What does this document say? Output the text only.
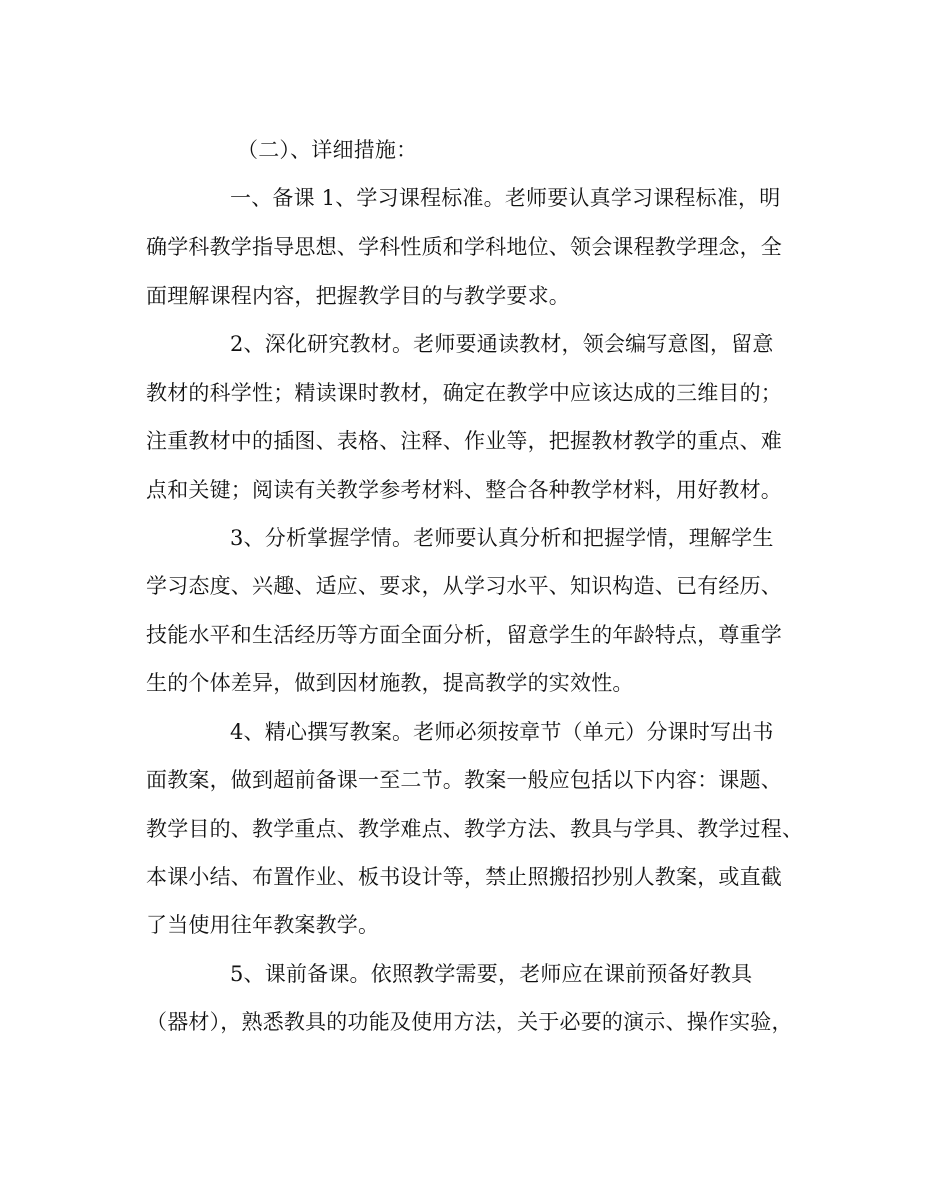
（二）、详细措施：
一、备课 1、学习课程标准。老师要认真学习课程标准，明
确学科教学指导思想、学科性质和学科地位、领会课程教学理念，全
面理解课程内容，把握教学目的与教学要求。
2、深化研究教材。老师要通读教材，领会编写意图，留意
教材的科学性；精读课时教材，确定在教学中应该达成的三维目的；
注重教材中的插图、表格、注释、作业等，把握教材教学的重点、难
点和关键；阅读有关教学参考材料、整合各种教学材料，用好教材。
3、分析掌握学情。老师要认真分析和把握学情，理解学生
学习态度、兴趣、适应、要求，从学习水平、知识构造、已有经历、
技能水平和生活经历等方面全面分析，留意学生的年龄特点，尊重学
生的个体差异，做到因材施教，提高教学的实效性。
4、精心撰写教案。老师必须按章节（单元）分课时写出书
面教案，做到超前备课一至二节。教案一般应包括以下内容：课题、
教学目的、教学重点、教学难点、教学方法、教具与学具、教学过程、
本课小结、布置作业、板书设计等，禁止照搬招抄别人教案，或直截
了当使用往年教案教学。
5、课前备课。依照教学需要，老师应在课前预备好教具
（器材），熟悉教具的功能及使用方法，关于必要的演示、操作实验，
